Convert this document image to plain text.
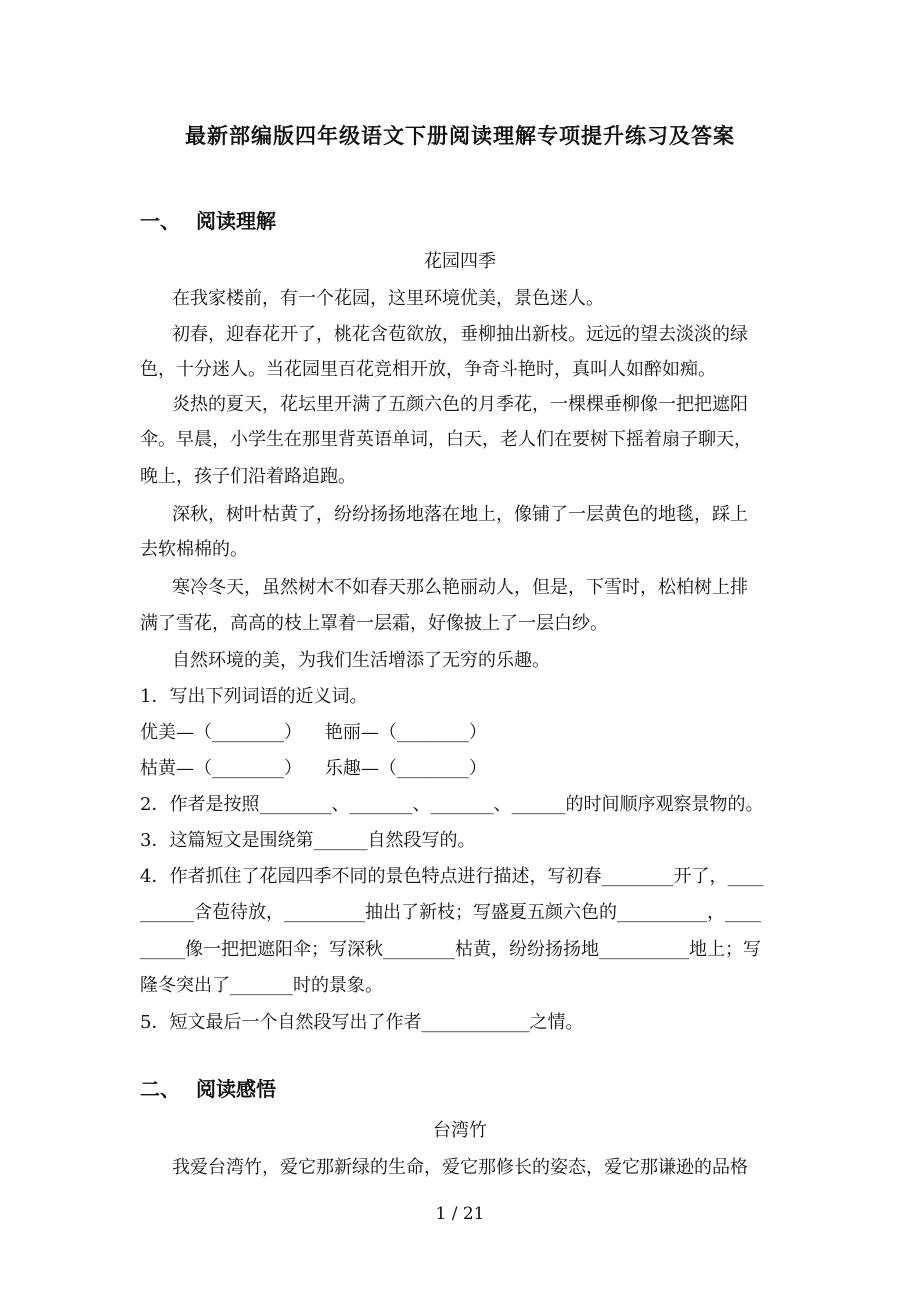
最新部编版四年级语文下册阅读理解专项提升练习及答案
一、 阅读理解
花园四季
在我家楼前，有一个花园，这里环境优美，景色迷人。
初春，迎春花开了，桃花含苞欲放，垂柳抽出新枝。远远的望去淡淡的绿
色，十分迷人。当花园里百花竞相开放，争奇斗艳时，真叫人如醉如痴。
炎热的夏天，花坛里开满了五颜六色的月季花，一棵棵垂柳像一把把遮阳
伞。早晨，小学生在那里背英语单词，白天，老人们在要树下摇着扇子聊天，
晚上，孩子们沿着路追跑。
深秋，树叶枯黄了，纷纷扬扬地落在地上，像铺了一层黄色的地毯，踩上
去软棉棉的。
寒冷冬天，虽然树木不如春天那么艳丽动人，但是，下雪时，松柏树上排
满了雪花，高高的枝上罩着一层霜，好像披上了一层白纱。
自然环境的美，为我们生活增添了无穷的乐趣。
1．写出下列词语的近义词。
优美—（________）    艳丽—（________）
枯黄—（________）    乐趣—（________）
2．作者是按照________、_______、_______、______的时间顺序观察景物的。
3．这篇短文是围绕第______自然段写的。
4．作者抓住了花园四季不同的景色特点进行描述，写初春________开了，____
______含苞待放，_________抽出了新枝；写盛夏五颜六色的__________，____
_____像一把把遮阳伞；写深秋________枯黄，纷纷扬扬地__________地上；写
隆冬突出了_______时的景象。
5．短文最后一个自然段写出了作者____________之情。
二、 阅读感悟
台湾竹
我爱台湾竹，爱它那新绿的生命，爱它那修长的姿态，爱它那谦逊的品格
1 / 21
